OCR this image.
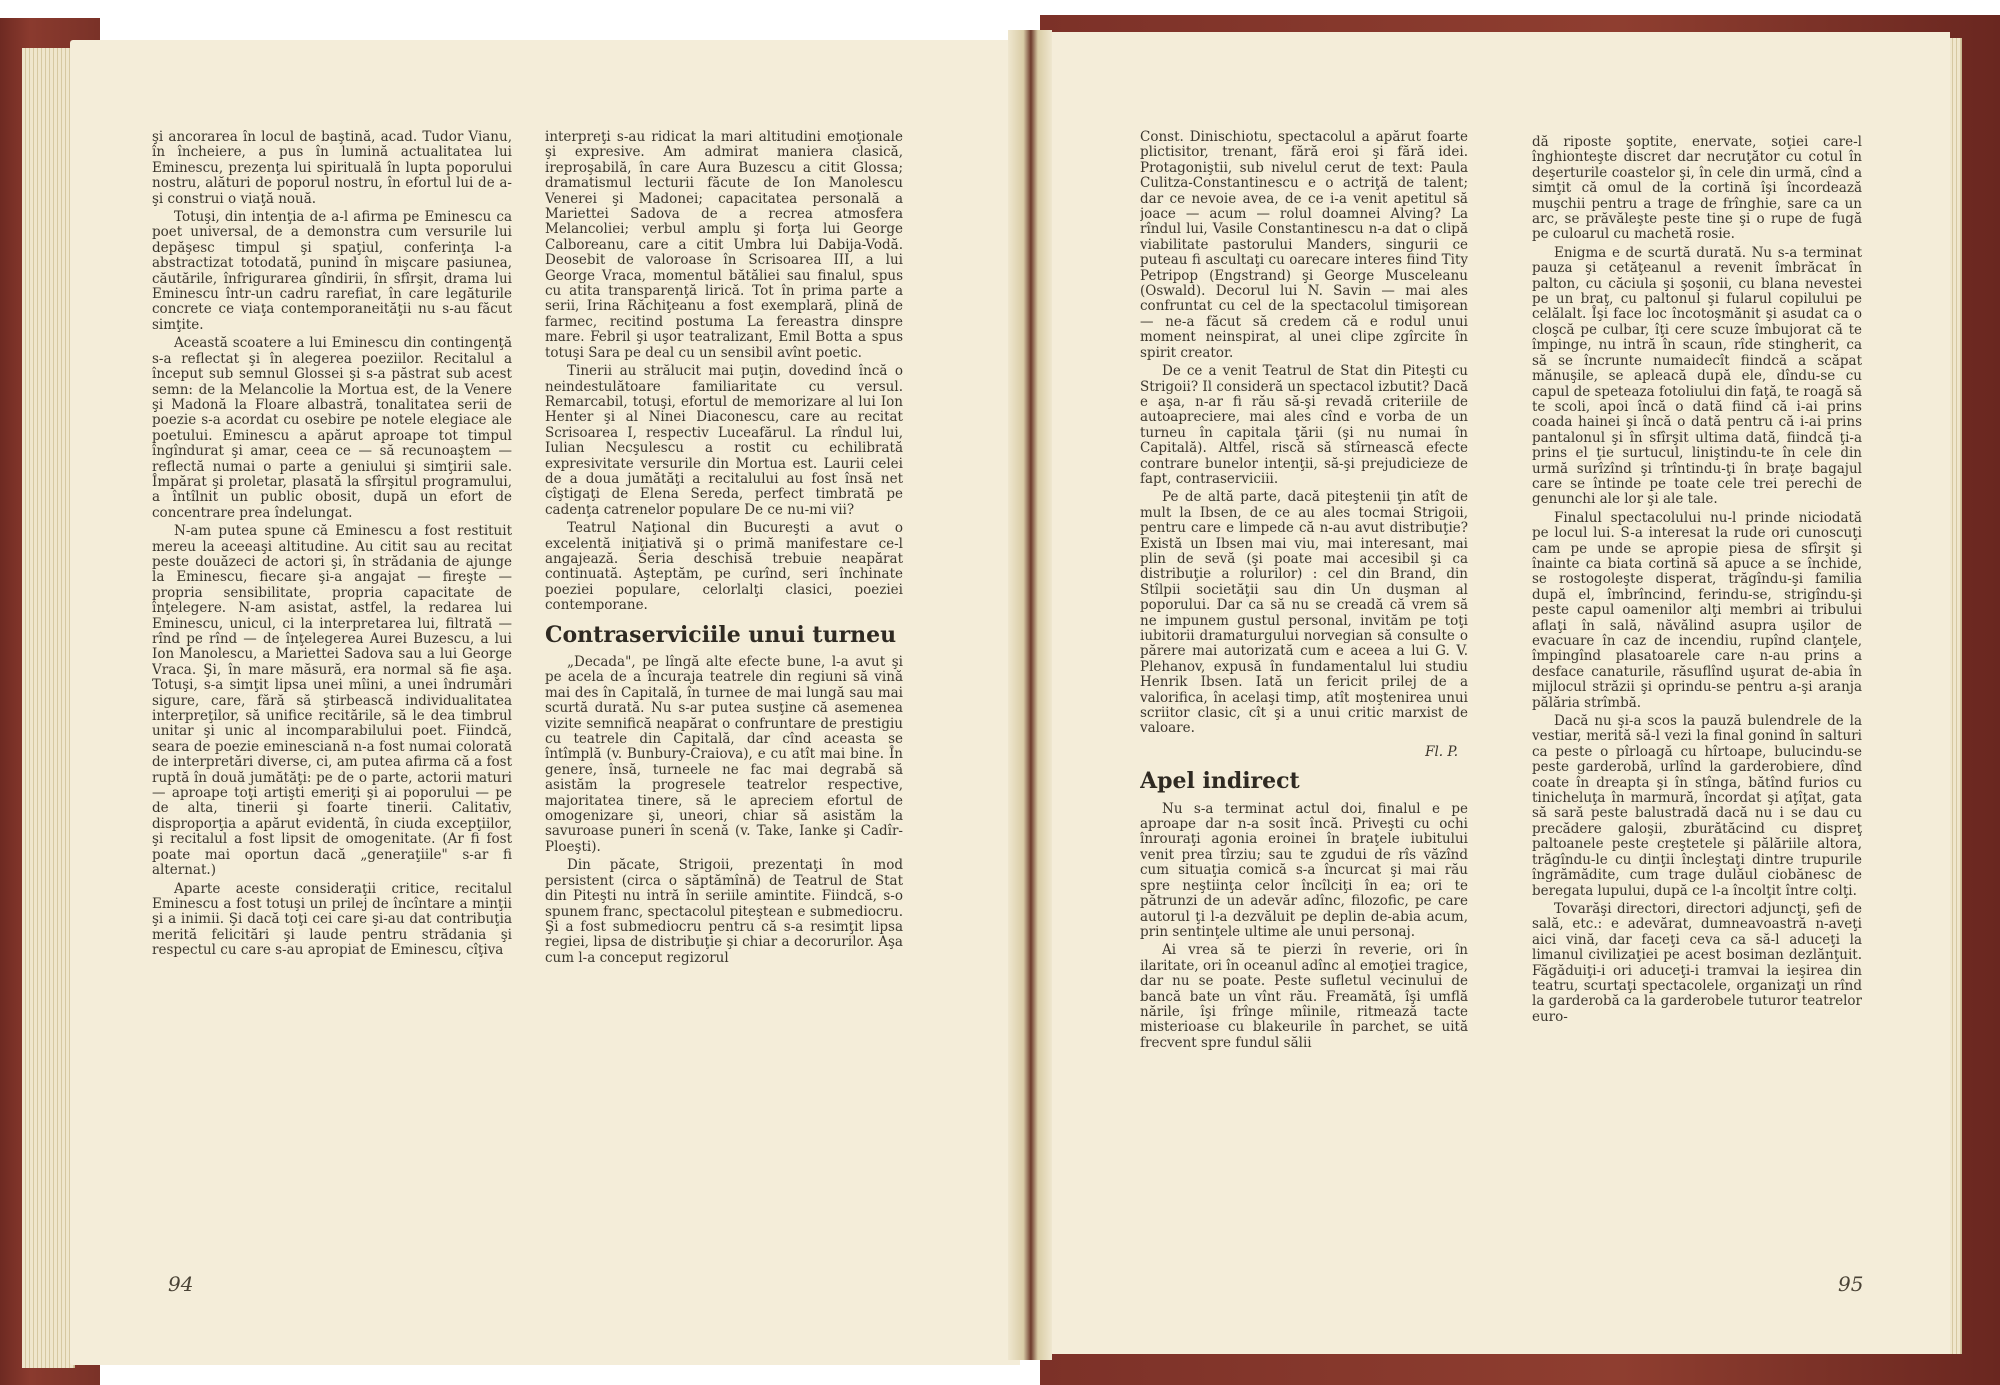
şi ancorarea în locul de baştină, acad. Tudor Vianu, în încheiere, a pus în lumină actualitatea lui Eminescu, prezenţa lui spirituală în lupta poporului nostru, alături de poporul nostru, în efortul lui de a-şi construi o viaţă nouă.

Totuşi, din intenţia de a-l afirma pe Eminescu ca poet universal, de a demonstra cum versurile lui depăşesc timpul şi spaţiul, conferinţa l-a abstractizat totodată, punind în mişcare pasiunea, căutările, înfrigurarea gîndirii, în sfîrşit, drama lui Eminescu într-un cadru rarefiat, în care legăturile concrete ce viaţa contemporaneităţii nu s-au făcut simţite.

Această scoatere a lui Eminescu din contingenţă s-a reflectat şi în alegerea poeziilor. Recitalul a început sub semnul Glossei şi s-a păstrat sub acest semn: de la Melancolie la Mortua est, de la Venere şi Madonă la Floare albastră, tonalitatea serii de poezie s-a acordat cu osebire pe notele elegiace ale poetului. Eminescu a apărut aproape tot timpul îngîndurat şi amar, ceea ce — să recunoaştem — reflectă numai o parte a geniului şi simţirii sale. Împărat şi proletar, plasată la sfîrşitul programului, a întîlnit un public obosit, după un efort de concentrare prea îndelungat.

N-am putea spune că Eminescu a fost restituit mereu la aceeaşi altitudine. Au citit sau au recitat peste douăzeci de actori şi, în strădania de ajunge la Eminescu, fiecare şi-a angajat — fireşte — propria sensibilitate, propria capacitate de înţelegere. N-am asistat, astfel, la redarea lui Eminescu, unicul, ci la interpretarea lui, filtrată — rînd pe rînd — de înţelegerea Aurei Buzescu, a lui Ion Manolescu, a Mariettei Sadova sau a lui George Vraca. Şi, în mare măsură, era normal să fie aşa. Totuşi, s-a simţit lipsa unei mîini, a unei îndrumări sigure, care, fără să ştirbească individualitatea interpreţilor, să unifice recitările, să le dea timbrul unitar şi unic al incomparabilului poet. Fiindcă, seara de poezie eminesciană n-a fost numai colorată de interpretări diverse, ci, am putea afirma că a fost ruptă în două jumătăţi: pe de o parte, actorii maturi — aproape toţi artişti emeriţi şi ai poporului — pe de alta, tinerii şi foarte tinerii. Calitativ, disproporţia a apărut evidentă, în ciuda excepţiilor, şi recitalul a fost lipsit de omogenitate. (Ar fi fost poate mai oportun dacă „generaţiile" s-ar fi alternat.)

Aparte aceste consideraţii critice, recitalul Eminescu a fost totuşi un prilej de încîntare a minţii şi a inimii. Şi dacă toţi cei care şi-au dat contribuţia merită felicitări şi laude pentru strădania şi respectul cu care s-au apropiat de Eminescu, cîţiva

interpreţi s-au ridicat la mari altitudini emoţionale şi expresive. Am admirat maniera clasică, ireproşabilă, în care Aura Buzescu a citit Glossa; dramatismul lecturii făcute de Ion Manolescu Venerei şi Madonei; capacitatea personală a Mariettei Sadova de a recrea atmosfera Melancoliei; verbul amplu şi forţa lui George Calboreanu, care a citit Umbra lui Dabija-Vodă. Deosebit de valoroase în Scrisoarea III, a lui George Vraca, momentul bătăliei sau finalul, spus cu atita transparenţă lirică. Tot în prima parte a serii, Irina Răchiţeanu a fost exemplară, plină de farmec, recitind postuma La fereastra dinspre mare. Febril şi uşor teatralizant, Emil Botta a spus totuşi Sara pe deal cu un sensibil avînt poetic.

Tinerii au strălucit mai puţin, dovedind încă o neindestulătoare familiaritate cu versul. Remarcabil, totuşi, efortul de memorizare al lui Ion Henter şi al Ninei Diaconescu, care au recitat Scrisoarea I, respectiv Luceafărul. La rîndul lui, Iulian Necşulescu a rostit cu echilibrată expresivitate versurile din Mortua est. Laurii celei de a doua jumătăţi a recitalului au fost însă net cîştigaţi de Elena Sereda, perfect timbrată pe cadenţa catrenelor populare De ce nu-mi vii?

Teatrul Naţional din Bucureşti a avut o excelentă iniţiativă şi o primă manifestare ce-l angajează. Seria deschisă trebuie neapărat continuată. Aşteptăm, pe curînd, seri închinate poeziei populare, celorlalţi clasici, poeziei contemporane.

Contraserviciile unui turneu

„Decada", pe lîngă alte efecte bune, l-a avut şi pe acela de a încuraja teatrele din regiuni să vină mai des în Capitală, în turnee de mai lungă sau mai scurtă durată. Nu s-ar putea susţine că asemenea vizite semnifică neapărat o confruntare de prestigiu cu teatrele din Capitală, dar cînd aceasta se întîmplă (v. Bunbury-Craiova), e cu atît mai bine. În genere, însă, turneele ne fac mai degrabă să asistăm la progresele teatrelor respective, majoritatea tinere, să le apreciem efortul de omogenizare şi, uneori, chiar să asistăm la savuroase puneri în scenă (v. Take, Ianke şi Cadîr-Ploeşti).

Din păcate, Strigoii, prezentaţi în mod persistent (circa o săptămînă) de Teatrul de Stat din Piteşti nu intră în seriile amintite. Fiindcă, s-o spunem franc, spectacolul piteştean e submediocru. Şi a fost submediocru pentru că s-a resimţit lipsa regiei, lipsa de distribuţie şi chiar a decorurilor. Aşa cum l-a conceput regizorul

94

Const. Dinischiotu, spectacolul a apărut foarte plictisitor, trenant, fără eroi şi fără idei. Protagoniştii, sub nivelul cerut de text: Paula Culitza-Constantinescu e o actriţă de talent; dar ce nevoie avea, de ce i-a venit apetitul să joace — acum — rolul doamnei Alving? La rîndul lui, Vasile Constantinescu n-a dat o clipă viabilitate pastorului Manders, singurii ce puteau fi ascultaţi cu oarecare interes fiind Tity Petripop (Engstrand) şi George Musceleanu (Oswald). Decorul lui N. Savin — mai ales confruntat cu cel de la spectacolul timişorean — ne-a făcut să credem că e rodul unui moment neinspirat, al unei clipe zgîrcite în spirit creator.

De ce a venit Teatrul de Stat din Piteşti cu Strigoii? Il consideră un spectacol izbutit? Dacă e aşa, n-ar fi rău să-şi revadă criteriile de autoapreciere, mai ales cînd e vorba de un turneu în capitala ţării (şi nu numai în Capitală). Altfel, riscă să stîrnească efecte contrare bunelor intenţii, să-şi prejudicieze de fapt, contraserviciii.

Pe de altă parte, dacă piteştenii ţin atît de mult la Ibsen, de ce au ales tocmai Strigoii, pentru care e limpede că n-au avut distribuţie? Există un Ibsen mai viu, mai interesant, mai plin de sevă (şi poate mai accesibil şi ca distribuţie a rolurilor) : cel din Brand, din Stîlpii societăţii sau din Un duşman al poporului. Dar ca să nu se creadă că vrem să ne impunem gustul personal, invităm pe toţi iubitorii dramaturgului norvegian să consulte o părere mai autorizată cum e aceea a lui G. V. Plehanov, expusă în fundamentalul lui studiu Henrik Ibsen. Iată un fericit prilej de a valorifica, în acelaşi timp, atît moştenirea unui scriitor clasic, cît şi a unui critic marxist de valoare.

Fl. P.
Apel indirect

Nu s-a terminat actul doi, finalul e pe aproape dar n-a sosit încă. Priveşti cu ochi înrouraţi agonia eroinei în braţele iubitului venit prea tîrziu; sau te zgudui de rîs văzînd cum situaţia comică s-a încurcat şi mai rău spre neştiinţa celor încîlciţi în ea; ori te pătrunzi de un adevăr adînc, filozofic, pe care autorul ţi l-a dezvăluit pe deplin de-abia acum, prin sentinţele ultime ale unui personaj.

Ai vrea să te pierzi în reverie, ori în ilaritate, ori în oceanul adînc al emoţiei tragice, dar nu se poate. Peste sufletul vecinului de bancă bate un vînt rău. Freamătă, îşi umflă nările, îşi frînge mîinile, ritmează tacte misterioase cu blakeurile în parchet, se uită frecvent spre fundul sălii

dă riposte şoptite, enervate, soţiei care-l înghionteşte discret dar necruţător cu cotul în deşerturile coastelor şi, în cele din urmă, cînd a simţit că omul de la cortină îşi încordează muşchii pentru a trage de frînghie, sare ca un arc, se prăvăleşte peste tine şi o rupe de fugă pe culoarul cu machetă rosie.

Enigma e de scurtă durată. Nu s-a terminat pauza şi cetăţeanul a revenit îmbrăcat în palton, cu căciula şi şoşonii, cu blana nevestei pe un braţ, cu paltonul şi fularul copilului pe celălalt. Îşi face loc încotoşmănit şi asudat ca o cloşcă pe culbar, îţi cere scuze îmbujorat că te împinge, nu intră în scaun, rîde stingherit, ca să se încrunte numaidecît fiindcă a scăpat mănuşile, se apleacă după ele, dîndu-se cu capul de speteaza fotoliului din faţă, te roagă să te scoli, apoi încă o dată fiind că i-ai prins coada hainei şi încă o dată pentru că i-ai prins pantalonul şi în sfîrşit ultima dată, fiindcă ţi-a prins el ţie surtucul, liniştindu-te în cele din urmă surîzînd şi trîntindu-ţi în braţe bagajul care se întinde pe toate cele trei perechi de genunchi ale lor şi ale tale.

Finalul spectacolului nu-l prinde niciodată pe locul lui. S-a interesat la rude ori cunoscuţi cam pe unde se apropie piesa de sfîrşit şi înainte ca biata cortină să apuce a se închide, se rostogoleşte disperat, trăgîndu-şi familia după el, îmbrîncind, ferindu-se, strigîndu-şi peste capul oamenilor alţi membri ai tribului aflaţi în sală, năvălind asupra uşilor de evacuare în caz de incendiu, rupînd clanţele, împingînd plasatoarele care n-au prins a desface canaturile, răsuflînd uşurat de-abia în mijlocul străzii şi oprindu-se pentru a-şi aranja pălăria strîmbă.

Dacă nu şi-a scos la pauză bulendrele de la vestiar, merită să-l vezi la final gonind în salturi ca peste o pîrloagă cu hîrtoape, bulucindu-se peste garderobă, urlînd la garderobiere, dînd coate în dreapta şi în stînga, bătînd furios cu tinicheluţa în marmură, încordat şi aţîţat, gata să sară peste balustradă dacă nu i se dau cu precădere galoşii, zburătăcind cu dispreţ paltoanele peste creştetele şi pălăriile altora, trăgîndu-le cu dinţii încleştaţi dintre trupurile îngrămădite, cum trage dulăul ciobănesc de beregata lupului, după ce l-a încolţit între colţi.

Tovarăşi directori, directori adjuncţi, şefi de sală, etc.: e adevărat, dumneavoastră n-aveţi aici vină, dar faceţi ceva ca să-l aduceţi la limanul civilizaţiei pe acest bosiman dezlănţuit. Făgăduiţi-i ori aduceţi-i tramvai la ieşirea din teatru, scurtaţi spectacolele, organizaţi un rînd la garderobă ca la garderobele tuturor teatrelor euro-

95
